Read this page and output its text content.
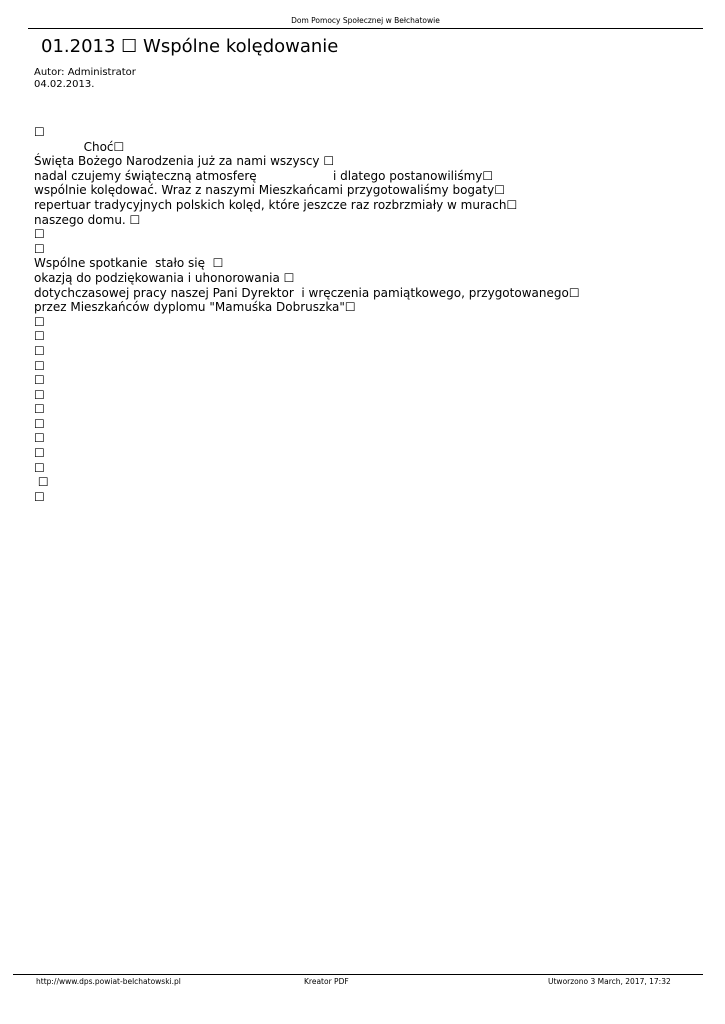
Dom Pomocy Społecznej w Bełchatowie
01.2013 ☐ Wspólne kolędowanie
Autor: Administrator
04.02.2013.
☐
Choć☐
Święta Bożego Narodzenia już za nami wszyscy ☐
nadal czujemy świąteczną atmosferę                    i dlatego postanowiliśmy☐
wspólnie kolędować. Wraz z naszymi Mieszkańcami przygotowaliśmy bogaty☐
repertuar tradycyjnych polskich kolęd, które jeszcze raz rozbrzmiały w murach☐
naszego domu. ☐
☐
☐
Wspólne spotkanie  stało się  ☐
okazją do podziękowania i uhonorowania ☐
dotychczasowej pracy naszej Pani Dyrektor  i wręczenia pamiątkowego, przygotowanego☐
przez Mieszkańców dyplomu "Mamuśka Dobruszka"☐
☐
☐
☐
☐
☐
☐
☐
☐
☐
☐
☐
☐
☐
http://www.dps.powiat-belchatowski.pl	Kreator PDF	Utworzono 3 March, 2017, 17:32
